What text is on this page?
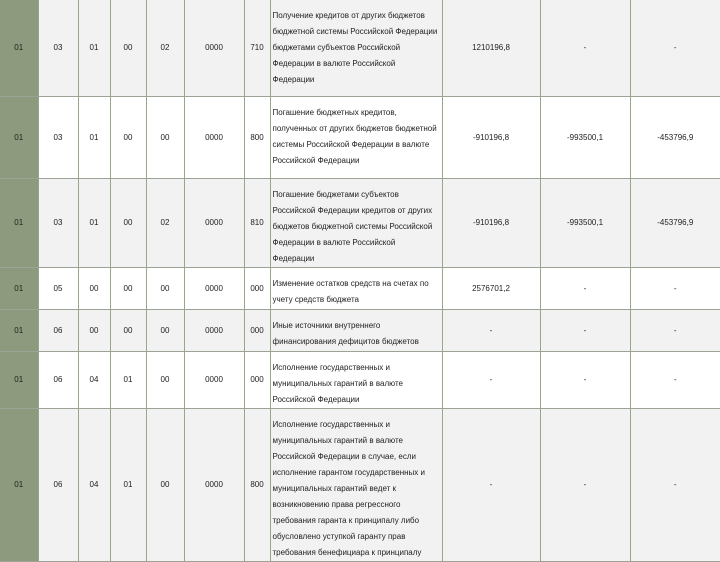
01	03	01	00	02	0000	710	Получение кредитов от других бюджетов бюджетной системы Российской Федерации бюджетами субъектов Российской Федерации в валюте Российской Федерации	1210196,8	-	-
01	03	01	00	00	0000	800	Погашение бюджетных кредитов, полученных от других бюджетов бюджетной системы Российской Федерации в валюте Российской Федерации	-910196,8	-993500,1	-453796,9
01	03	01	00	02	0000	810	Погашение бюджетами субъектов Российской Федерации кредитов от других бюджетов бюджетной системы Российской Федерации в валюте Российской Федерации	-910196,8	-993500,1	-453796,9
01	05	00	00	00	0000	000	Изменение остатков средств на счетах по учету средств бюджета	2576701,2	-	-
01	06	00	00	00	0000	000	Иные источники внутреннего финансирования дефицитов бюджетов	-	-	-
01	06	04	01	00	0000	000	Исполнение государственных и муниципальных гарантий в валюте Российской Федерации	-	-	-
01	06	04	01	00	0000	800	Исполнение государственных и муниципальных гарантий в валюте Российской Федерации в случае, если исполнение гарантом государственных и муниципальных гарантий ведет к возникновению права регрессного требования гаранта к принципалу либо обусловлено уступкой гаранту прав требования бенефициара к принципалу	-	-	-
